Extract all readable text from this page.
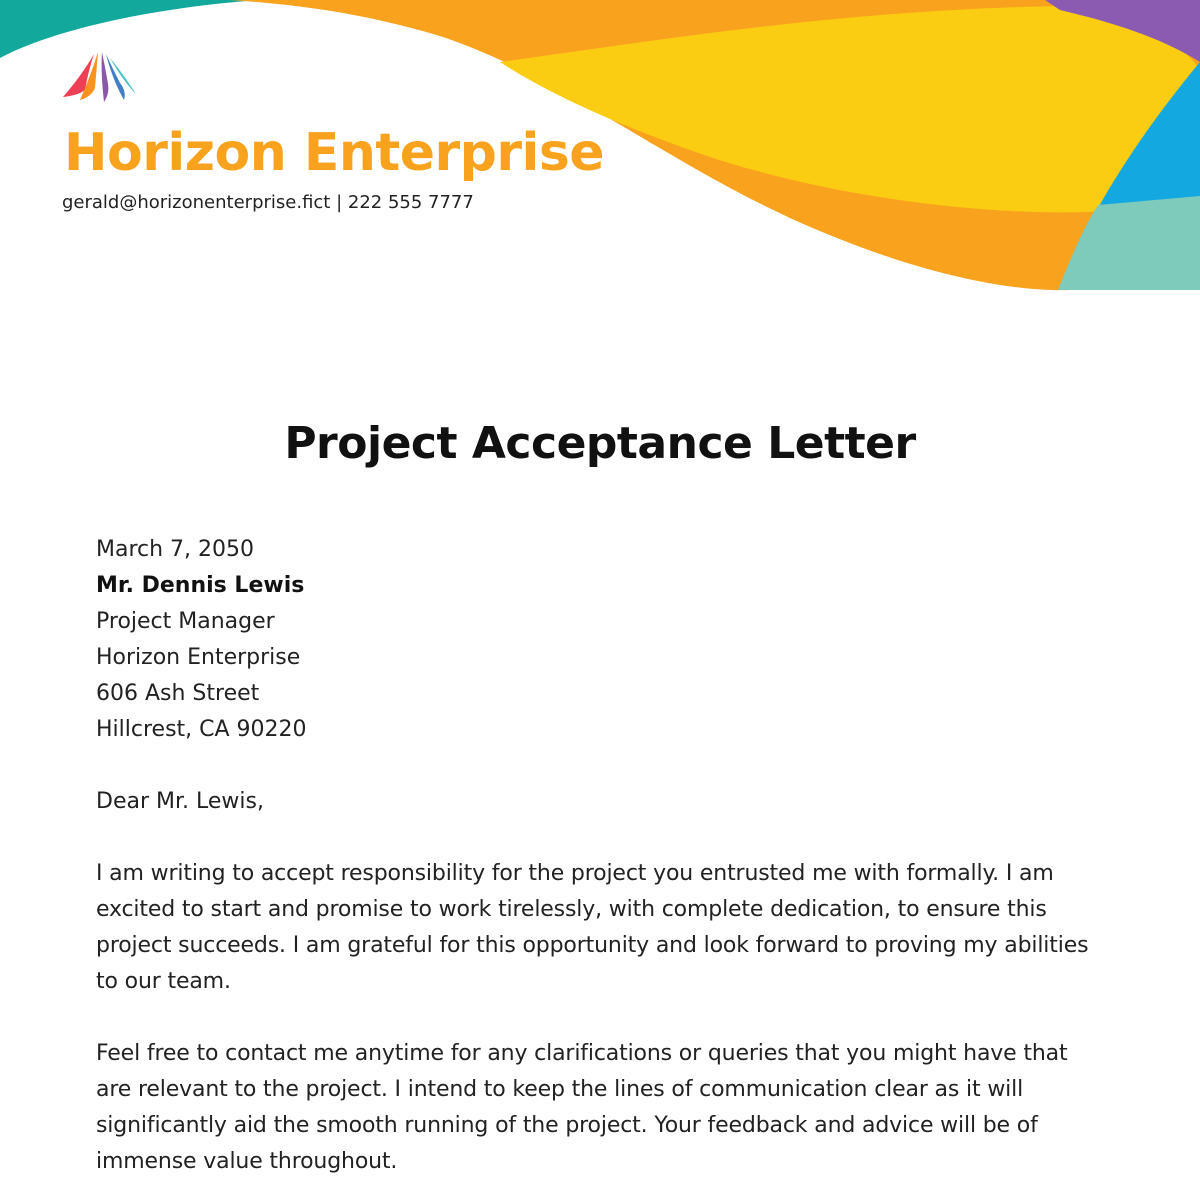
Horizon Enterprise
gerald@horizonenterprise.fict | 222 555 7777
Project Acceptance Letter
March 7, 2050
Mr. Dennis Lewis
Project Manager
Horizon Enterprise
606 Ash Street
Hillcrest, CA 90220

Dear Mr. Lewis,

I am writing to accept responsibility for the project you entrusted me with formally. I am excited to start and promise to work tirelessly, with complete dedication, to ensure this project succeeds. I am grateful for this opportunity and look forward to proving my abilities to our team.

Feel free to contact me anytime for any clarifications or queries that you might have that are relevant to the project. I intend to keep the lines of communication clear as it will significantly aid the smooth running of the project. Your feedback and advice will be of immense value throughout.
